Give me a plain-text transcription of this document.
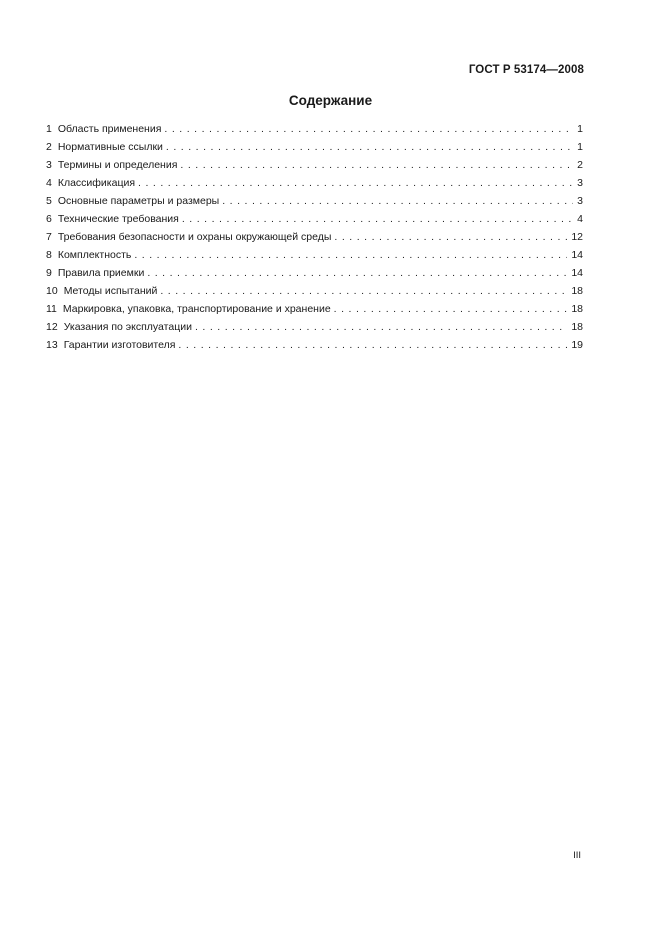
ГОСТ Р 53174—2008
Содержание
1 Область применения . . .	1
2 Нормативные ссылки . . .	1
3 Термины и определения . . .	2
4 Классификация . . .	3
5 Основные параметры и размеры . . .	3
6 Технические требования . . .	4
7 Требования безопасности и охраны окружающей среды . . .	12
8 Комплектность . . .	14
9 Правила приемки . . .	14
10 Методы испытаний . . .	18
11 Маркировка, упаковка, транспортирование и хранение . . .	18
12 Указания по эксплуатации . . .	18
13 Гарантии изготовителя . . .	19
III
